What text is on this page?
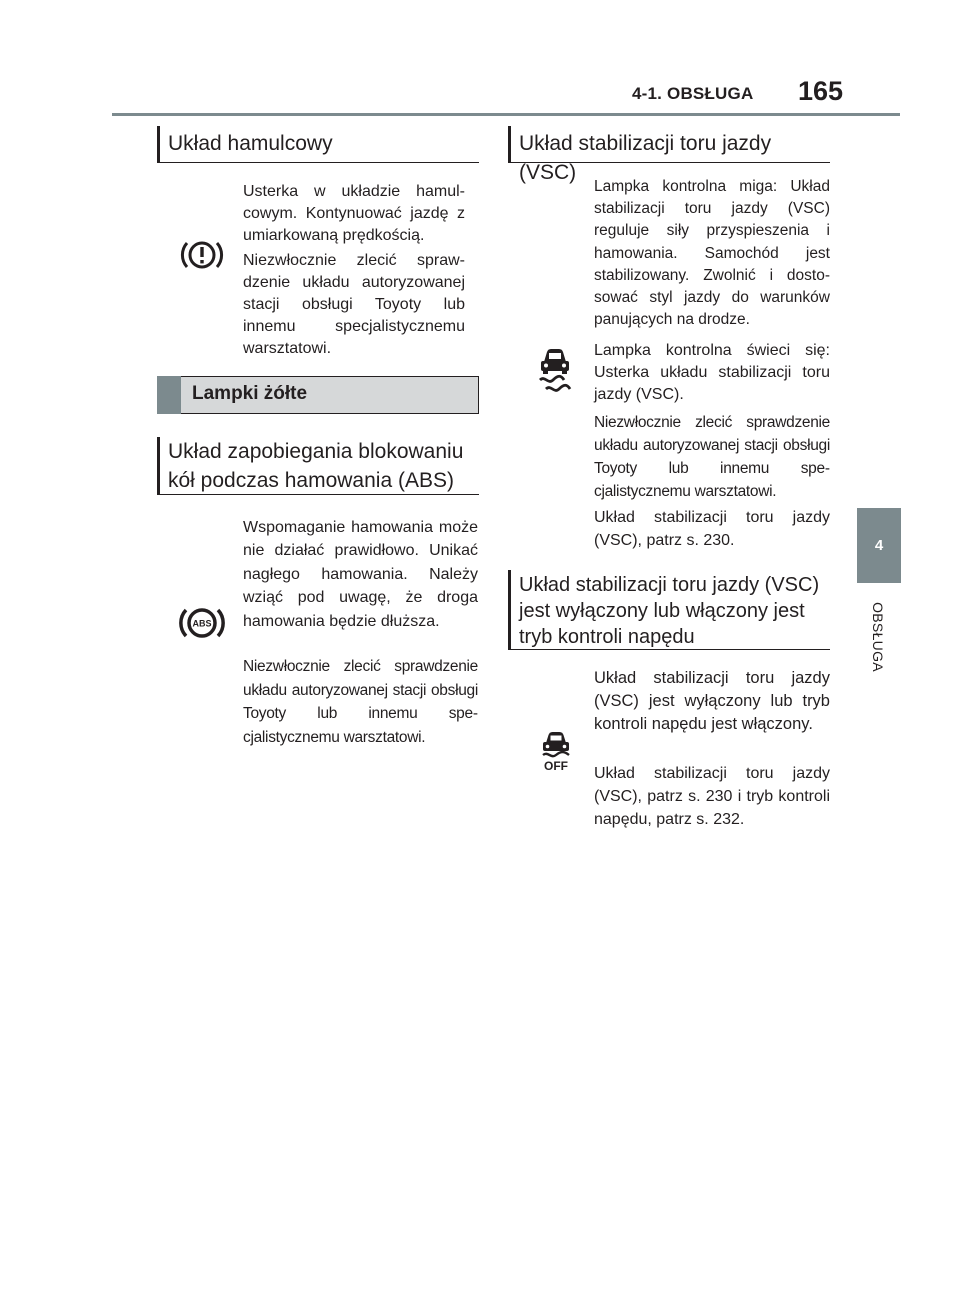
4-1. OBSŁUGA 165
4
OBSŁUGA
Układ hamulcowy
Usterka w układzie hamulcowym. Kontynuować jazdę z umiarkowaną prędkością.
Niezwłocznie zlecić sprawdzenie układu autoryzowanej stacji obsługi Toyoty lub innemu specjalistycznemu warsztatowi.
Lampki żółte
Układ zapobiegania blokowaniu
kół podczas hamowania (ABS)
ABS
Wspomaganie hamowania może nie działać prawidłowo. Unikać nagłego hamowania. Należy wziąć pod uwagę, że droga hamowania będzie dłuższa.
Niezwłocznie zlecić sprawdzenie układu autoryzowanej stacji obsługi Toyoty lub innemu specjalistycznemu warsztatowi.
Układ stabilizacji toru jazdy (VSC)
Lampka kontrolna miga: Układ stabilizacji toru jazdy (VSC) reguluje siły przyspieszenia i hamowania. Samochód jest stabilizowany. Zwolnić i dostosować styl jazdy do warunków panujących na drodze.
Lampka kontrolna świeci się: Usterka układu stabilizacji toru jazdy (VSC).
Niezwłocznie zlecić sprawdzenie układu autoryzowanej stacji obsługi Toyoty lub innemu specjalistycznemu warsztatowi.
Układ stabilizacji toru jazdy (VSC), patrz s. 230.
Układ stabilizacji toru jazdy (VSC)
jest wyłączony lub włączony jest
tryb kontroli napędu
OFF
Układ stabilizacji toru jazdy (VSC) jest wyłączony lub tryb kontroli napędu jest włączony.
Układ stabilizacji toru jazdy (VSC), patrz s. 230 i tryb kontroli napędu, patrz s. 232.
